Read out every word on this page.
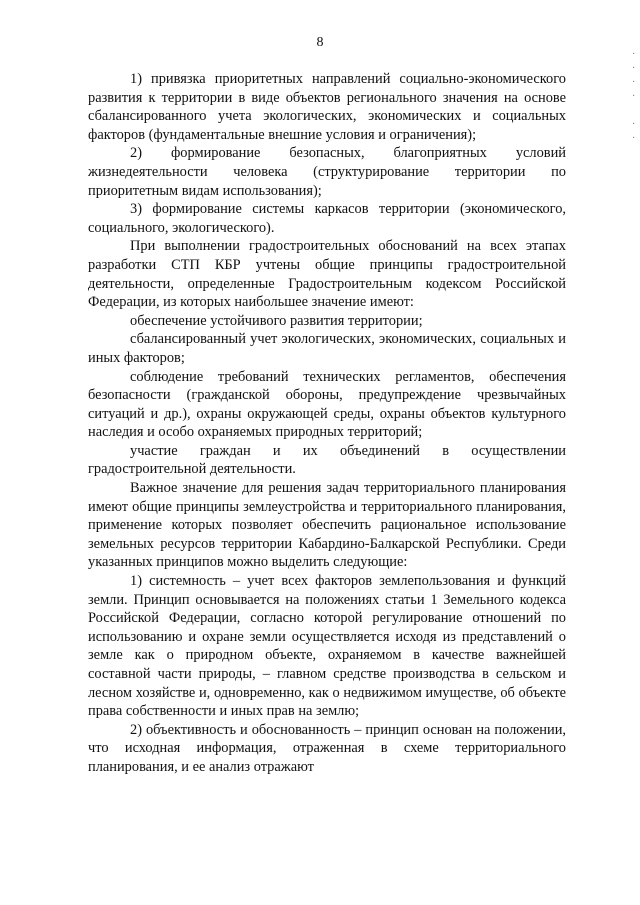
8

1) привязка приоритетных направлений социально-экономического развития к территории в виде объектов регионального значения на основе сбалансированного учета экологических, экономических и социальных факторов (фундаментальные внешние условия и ограничения);

2) формирование безопасных, благоприятных условий жизнедеятельности человека (структурирование территории по приоритетным видам использования);

3) формирование системы каркасов территории (экономического, социального, экологического).

При выполнении градостроительных обоснований на всех этапах разработки СТП КБР учтены общие принципы градостроительной деятельности, определенные Градостроительным кодексом Российской Федерации, из которых наибольшее значение имеют:

обеспечение устойчивого развития территории;

сбалансированный учет экологических, экономических, социальных и иных факторов;

соблюдение требований технических регламентов, обеспечения безопасности (гражданской обороны, предупреждение чрезвычайных ситуаций и др.), охраны окружающей среды, охраны объектов культурного наследия и особо охраняемых природных территорий;

участие граждан и их объединений в осуществлении градостроительной деятельности.

Важное значение для решения задач территориального планирования имеют общие принципы землеустройства и территориального планирования, применение которых позволяет обеспечить рациональное использование земельных ресурсов территории Кабардино-Балкарской Республики. Среди указанных принципов можно выделить следующие:

1) системность – учет всех факторов землепользования и функций земли. Принцип основывается на положениях статьи 1 Земельного кодекса Российской Федерации, согласно которой регулирование отношений по использованию и охране земли осуществляется исходя из представлений о земле как о природном объекте, охраняемом в качестве важнейшей составной части природы, – главном средстве производства в сельском и лесном хозяйстве и, одновременно, как о недвижимом имуществе, об объекте права собственности и иных прав на землю;

2) объективность и обоснованность – принцип основан на положении, что исходная информация, отраженная в схеме территориального планирования, и ее анализ отражают

·
·
·
·

·
·
